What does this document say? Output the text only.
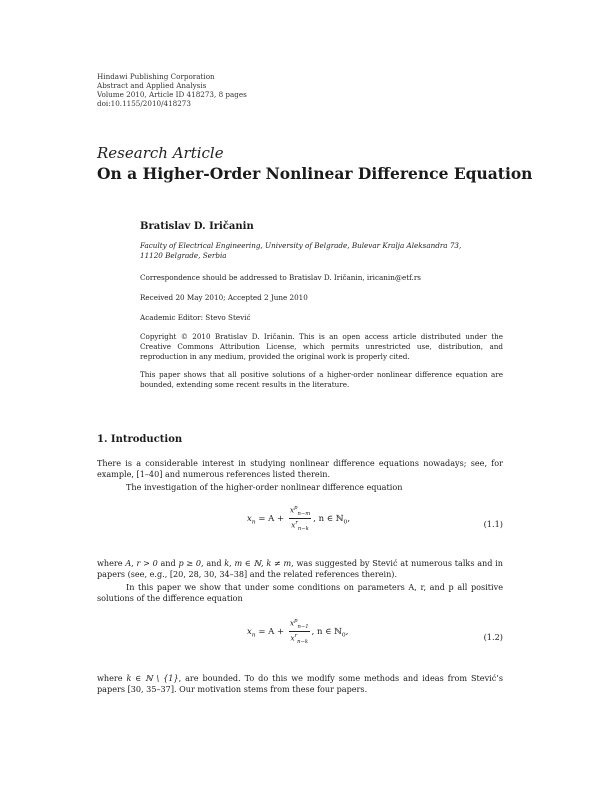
Hindawi Publishing Corporation
Abstract and Applied Analysis
Volume 2010, Article ID 418273, 8 pages
doi:10.1155/2010/418273
Research Article
On a Higher-Order Nonlinear Difference Equation
Bratislav D. Iričanin
Faculty of Electrical Engineering, University of Belgrade, Bulevar Kralja Aleksandra 73,
11120 Belgrade, Serbia
Correspondence should be addressed to Bratislav D. Iričanin, iricanin@etf.rs
Received 20 May 2010; Accepted 2 June 2010
Academic Editor: Stevo Stević
Copyright © 2010 Bratislav D. Iričanin. This is an open access article distributed under the Creative Commons Attribution License, which permits unrestricted use, distribution, and reproduction in any medium, provided the original work is properly cited.
This paper shows that all positive solutions of a higher-order nonlinear difference equation are bounded, extending some recent results in the literature.
1. Introduction
There is a considerable interest in studying nonlinear difference equations nowadays; see, for example, [1–40] and numerous references listed therein.
The investigation of the higher-order nonlinear difference equation
$x_n = A + \frac{x^p_{n-m}}{x^r_{n-k}}$ , n ∈ ℕ$_0$,	(1.1)
where A, r > 0 and p ≥ 0, and k, m ∈ ℕ, k ≠ m, was suggested by Stević at numerous talks and in papers (see, e.g., [20, 28, 30, 34–38] and the related references therein).
In this paper we show that under some conditions on parameters A, r, and p all positive solutions of the difference equation
$x_n = A + \frac{x^p_{n-1}}{x^r_{n-k}}$ , n ∈ ℕ$_0$,	(1.2)
where k ∈ ℕ \ {1}, are bounded. To do this we modify some methods and ideas from Stević’s papers [30, 35–37]. Our motivation stems from these four papers.
